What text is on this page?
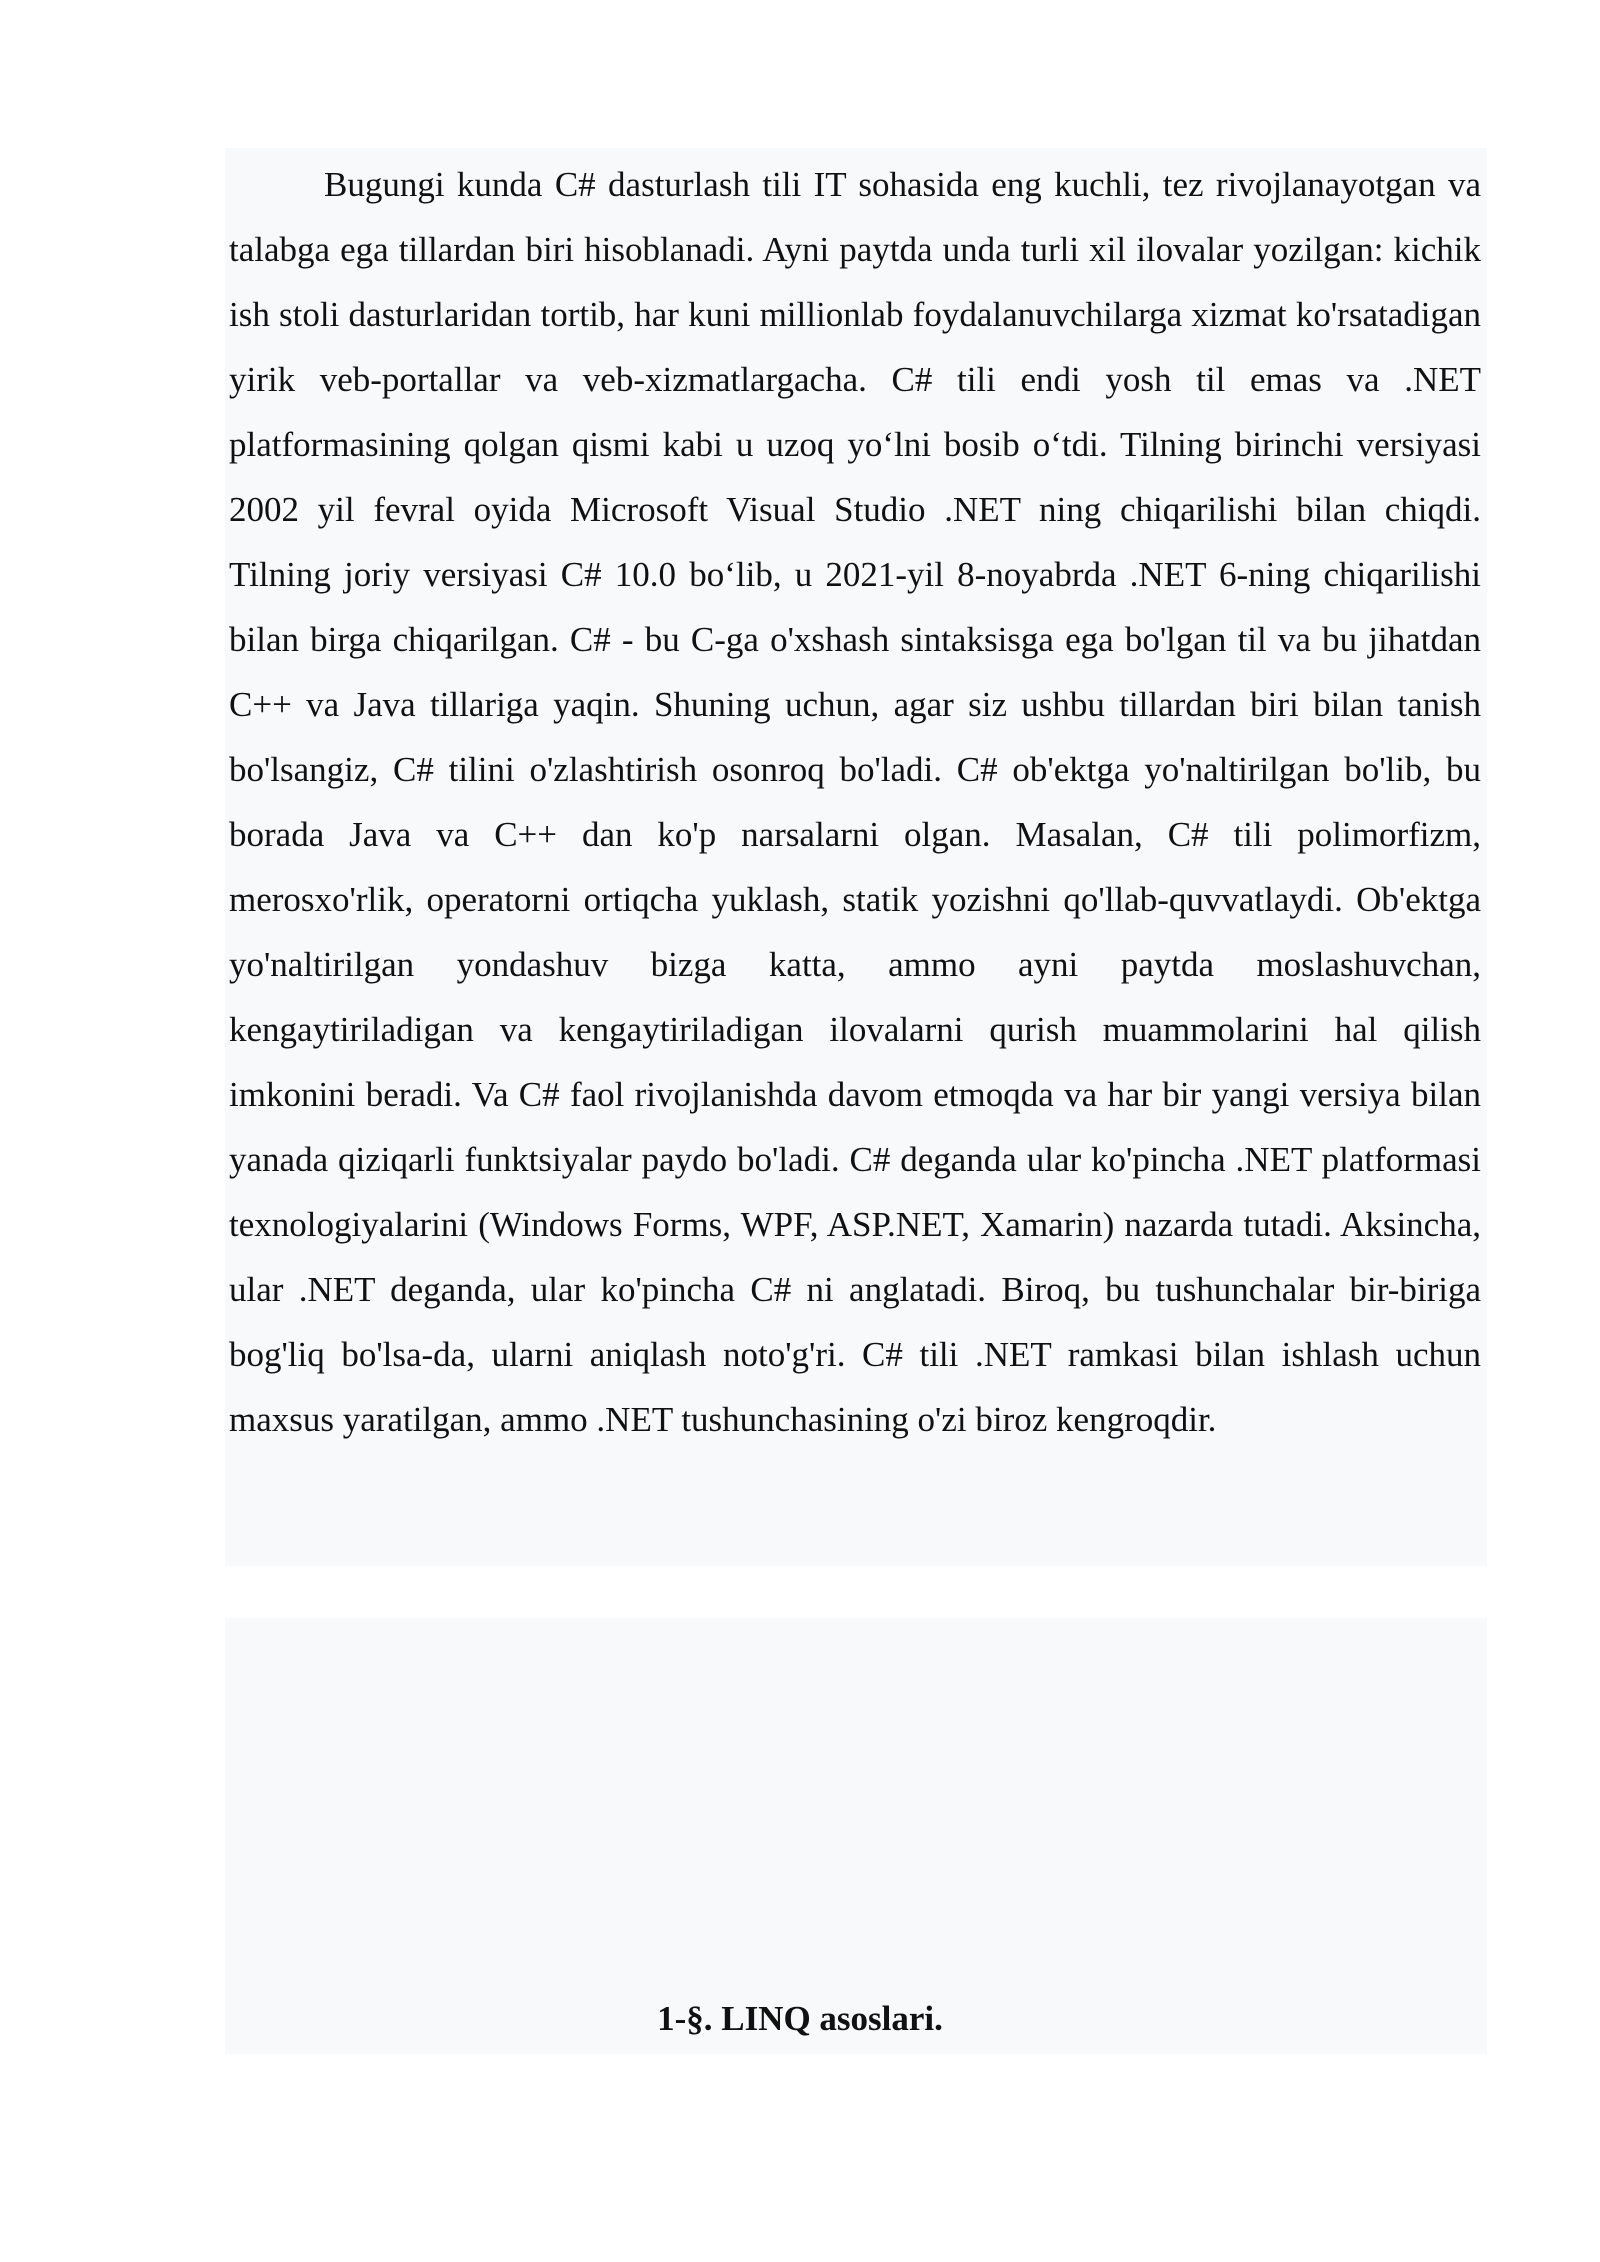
Bugungi kunda C# dasturlash tili IT sohasida eng kuchli, tez rivojlanayotgan va talabga ega tillardan biri hisoblanadi. Ayni paytda unda turli xil ilovalar yozilgan: kichik ish stoli dasturlaridan tortib, har kuni millionlab foydalanuvchilarga xizmat ko'rsatadigan yirik veb-portallar va veb-xizmatlargacha. C# tili endi yosh til emas va .NET platformasining qolgan qismi kabi u uzoq yo‘lni bosib o‘tdi. Tilning birinchi versiyasi 2002 yil fevral oyida Microsoft Visual Studio .NET ning chiqarilishi bilan chiqdi. Tilning joriy versiyasi C# 10.0 bo‘lib, u 2021-yil 8-noyabrda .NET 6-ning chiqarilishi bilan birga chiqarilgan. C# - bu C-ga o'xshash sintaksisga ega bo'lgan til va bu jihatdan C++ va Java tillariga yaqin. Shuning uchun, agar siz ushbu tillardan biri bilan tanish bo'lsangiz, C# tilini o'zlashtirish osonroq bo'ladi. C# ob'ektga yo'naltirilgan bo'lib, bu borada Java va C++ dan ko'p narsalarni olgan. Masalan, C# tili polimorfizm, merosxo'rlik, operatorni ortiqcha yuklash, statik yozishni qo'llab-quvvatlaydi. Ob'ektga yo'naltirilgan yondashuv bizga katta, ammo ayni paytda moslashuvchan, kengaytiriladigan va kengaytiriladigan ilovalarni qurish muammolarini hal qilish imkonini beradi. Va C# faol rivojlanishda davom etmoqda va har bir yangi versiya bilan yanada qiziqarli funktsiyalar paydo bo'ladi. C# deganda ular ko'pincha .NET platformasi texnologiyalarini (Windows Forms, WPF, ASP.NET, Xamarin) nazarda tutadi. Aksincha, ular .NET deganda, ular ko'pincha C# ni anglatadi. Biroq, bu tushunchalar bir-biriga bog'liq bo'lsa-da, ularni aniqlash noto'g'ri. C# tili .NET ramkasi bilan ishlash uchun maxsus yaratilgan, ammo .NET tushunchasining o'zi biroz kengroqdir.

1-§. LINQ asoslari.
